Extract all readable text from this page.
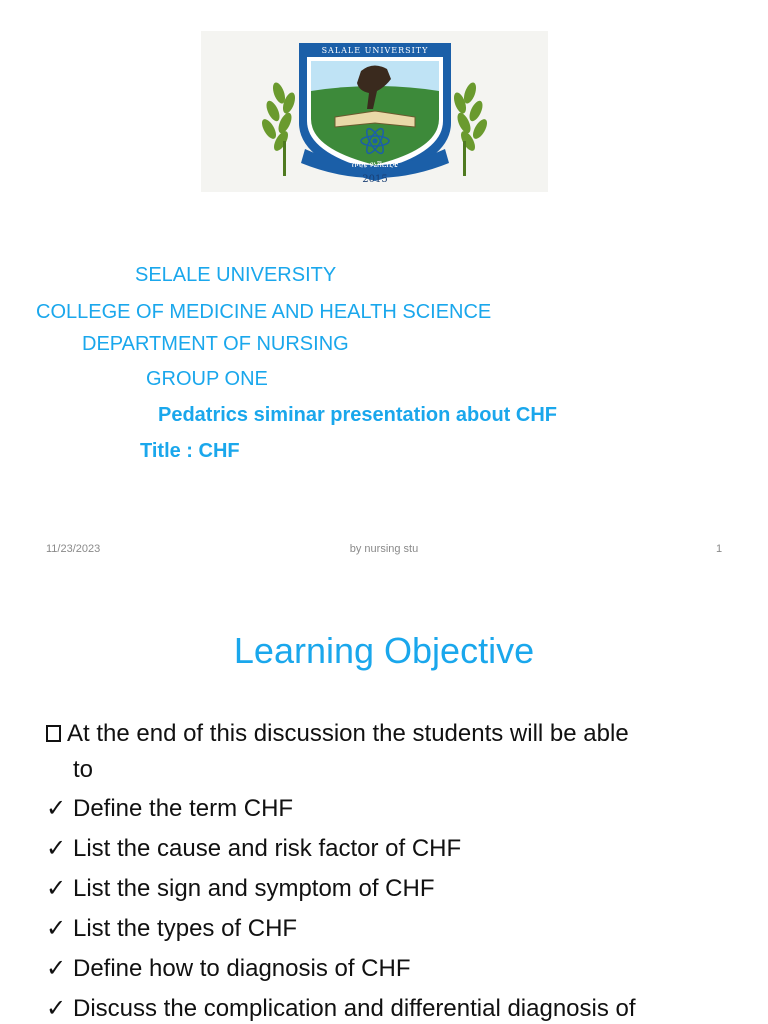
SALALE UNIVERSITY
ሰላሌ ዩኒቨርሲቲ
2015
SELALE UNIVERSITY
COLLEGE OF MEDICINE AND HEALTH SCIENCE
DEPARTMENT OF NURSING
GROUP ONE
Pedatrics siminar presentation about CHF
Title : CHF
11/23/2023	by nursing stu	1
Learning Objective
At the end of this discussion the students will be able
to
✓ Define the term CHF
✓ List the cause and risk factor of CHF
✓ List the sign and symptom of CHF
✓ List the types of CHF
✓ Define how to diagnosis of CHF
✓ Discuss the complication and differential diagnosis of
